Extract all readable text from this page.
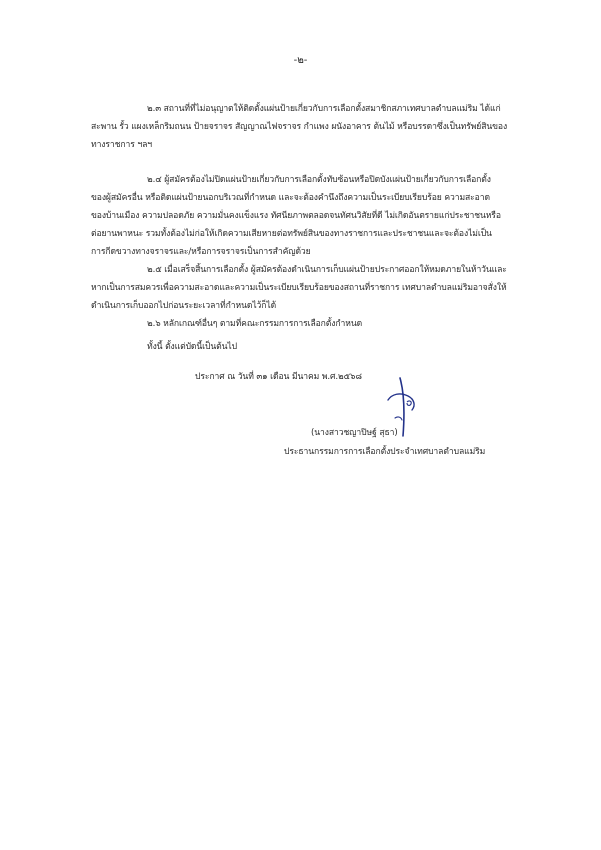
-๒-
๒.๓ สถานที่ที่ไม่อนุญาตให้ติดตั้งแผ่นป้ายเกี่ยวกับการเลือกตั้งสมาชิกสภาเทศบาลตำบลแม่ริม ได้แก่
สะพาน รั้ว แผงเหล็กริมถนน ป้ายจราจร สัญญาณไฟจราจร กำแพง ผนังอาคาร ต้นไม้ หรือบรรดาซึ่งเป็นทรัพย์สินของ
ทางราชการ ฯลฯ
๒.๔ ผู้สมัครต้องไม่ปิดแผ่นป้ายเกี่ยวกับการเลือกตั้งทับซ้อนหรือปิดบังแผ่นป้ายเกี่ยวกับการเลือกตั้ง
ของผู้สมัครอื่น หรือติดแผ่นป้ายนอกบริเวณที่กำหนด และจะต้องคำนึงถึงความเป็นระเบียบเรียบร้อย ความสะอาด
ของบ้านเมือง ความปลอดภัย ความมั่นคงแข็งแรง ทัศนียภาพตลอดจนทัศนวิสัยที่ดี ไม่เกิดอันตรายแก่ประชาชนหรือ
ต่อยานพาหนะ รวมทั้งต้องไม่ก่อให้เกิดความเสียหายต่อทรัพย์สินของทางราชการและประชาชนและจะต้องไม่เป็น
การกีดขวางทางจราจรและ/หรือการจราจรเป็นการสำคัญด้วย
๒.๕ เมื่อเสร็จสิ้นการเลือกตั้ง ผู้สมัครต้องดำเนินการเก็บแผ่นป้ายประกาศออกให้หมดภายในห้าวันและ
หากเป็นการสมควรเพื่อความสะอาดและความเป็นระเบียบเรียบร้อยของสถานที่ราชการ เทศบาลตำบลแม่ริมอาจสั่งให้
ดำเนินการเก็บออกไปก่อนระยะเวลาที่กำหนดไว้ก็ได้
๒.๖ หลักเกณฑ์อื่นๆ ตามที่คณะกรรมการการเลือกตั้งกำหนด
ทั้งนี้ ตั้งแต่บัดนี้เป็นต้นไป
ประกาศ ณ วันที่ ๓๑ เดือน มีนาคม พ.ศ.๒๕๖๘
(นางสาวชญาปิษฐ์ สุธา)
ประธานกรรมการการเลือกตั้งประจำเทศบาลตำบลแม่ริม
